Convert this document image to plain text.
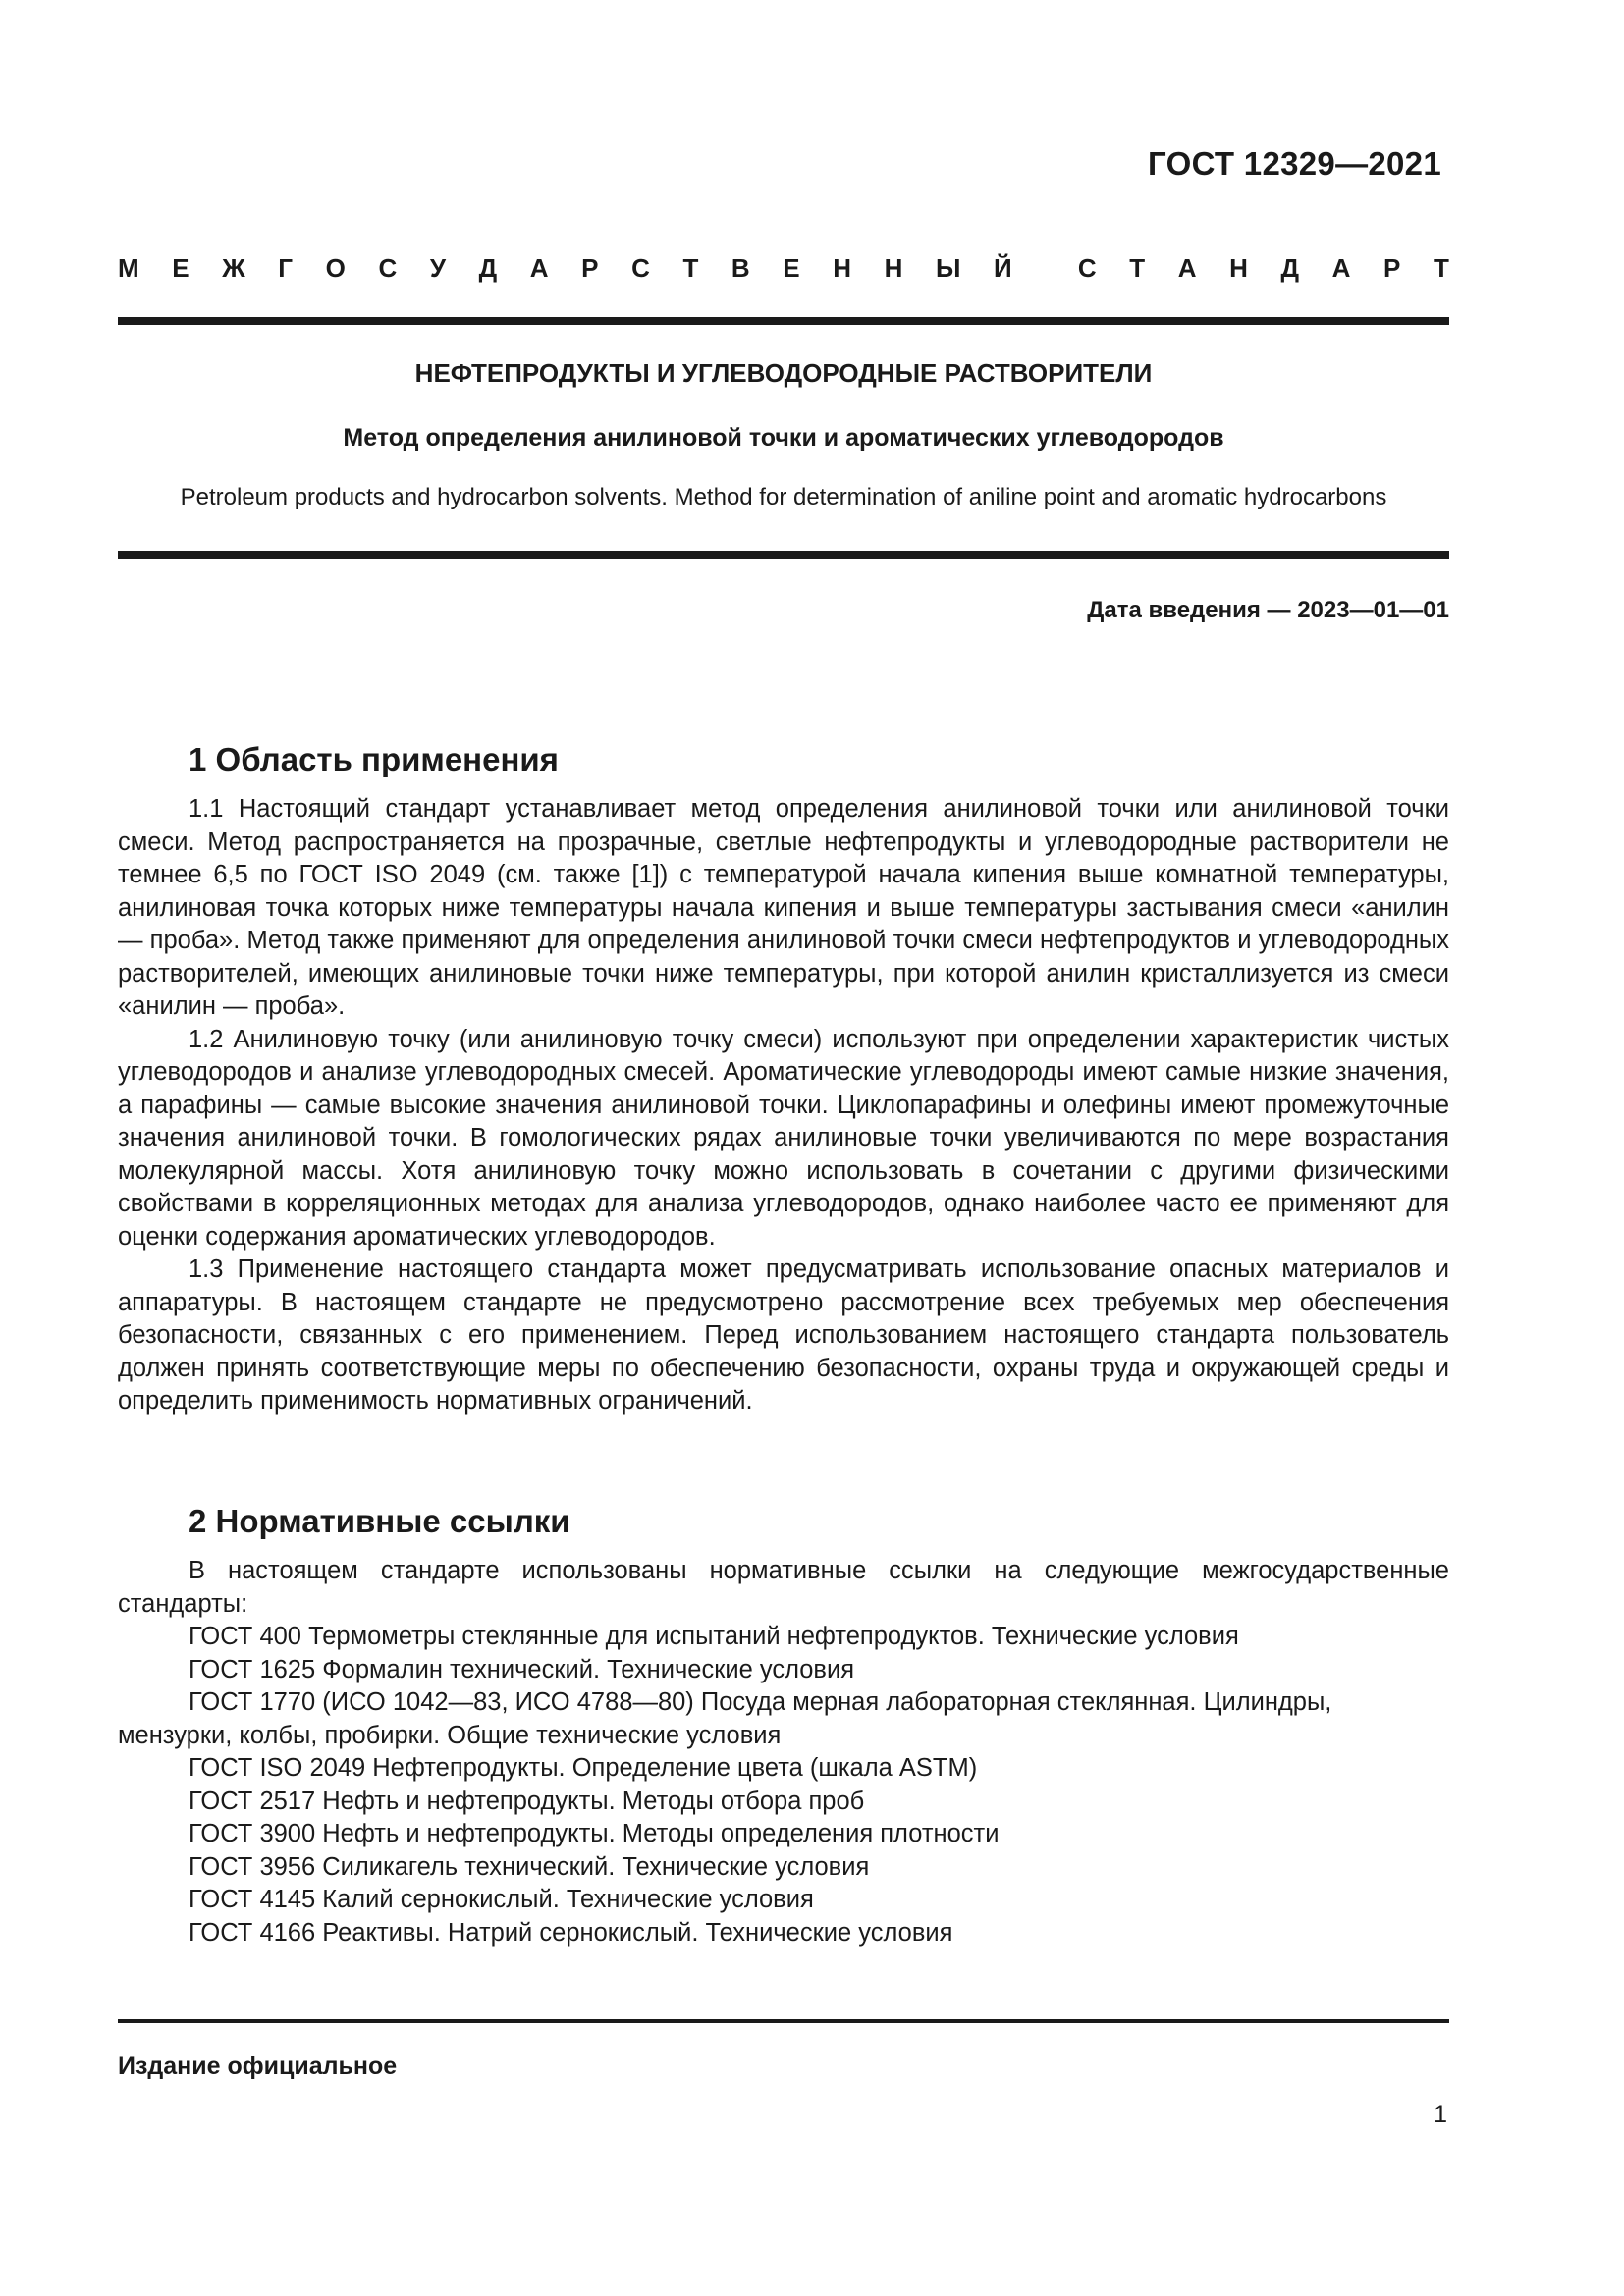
ГОСТ 12329—2021
М Е Ж Г О С У Д А Р С Т В Е Н Н Ы Й	С Т А Н Д А Р Т
НЕФТЕПРОДУКТЫ И УГЛЕВОДОРОДНЫЕ РАСТВОРИТЕЛИ
Метод определения анилиновой точки и ароматических углеводородов
Petroleum products and hydrocarbon solvents. Method for determination of aniline point and aromatic hydrocarbons
Дата введения — 2023—01—01
1 Область применения

1.1 Настоящий стандарт устанавливает метод определения анилиновой точки или анилиновой точки смеси. Метод распространяется на прозрачные, светлые нефтепродукты и углеводородные растворители не темнее 6,5 по ГОСТ ISO 2049 (см. также [1]) с температурой начала кипения выше комнатной температуры, анилиновая точка которых ниже температуры начала кипения и выше температуры застывания смеси «анилин — проба». Метод также применяют для определения анилиновой точки смеси нефтепродуктов и углеводородных растворителей, имеющих анилиновые точки ниже температуры, при которой анилин кристаллизуется из смеси «анилин — проба».

1.2 Анилиновую точку (или анилиновую точку смеси) используют при определении характеристик чистых углеводородов и анализе углеводородных смесей. Ароматические углеводороды имеют самые низкие значения, а парафины — самые высокие значения анилиновой точки. Циклопарафины и олефины имеют промежуточные значения анилиновой точки. В гомологических рядах анилиновые точки увеличиваются по мере возрастания молекулярной массы. Хотя анилиновую точку можно использовать в сочетании с другими физическими свойствами в корреляционных методах для анализа углеводородов, однако наиболее часто ее применяют для оценки содержания ароматических углеводородов.

1.3 Применение настоящего стандарта может предусматривать использование опасных материалов и аппаратуры. В настоящем стандарте не предусмотрено рассмотрение всех требуемых мер обеспечения безопасности, связанных с его применением. Перед использованием настоящего стандарта пользователь должен принять соответствующие меры по обеспечению безопасности, охраны труда и окружающей среды и определить применимость нормативных ограничений.

2 Нормативные ссылки

В настоящем стандарте использованы нормативные ссылки на следующие межгосударственные стандарты:

ГОСТ 400 Термометры стеклянные для испытаний нефтепродуктов. Технические условия
ГОСТ 1625 Формалин технический. Технические условия
ГОСТ 1770 (ИСО 1042—83, ИСО 4788—80) Посуда мерная лабораторная стеклянная. Цилиндры, мензурки, колбы, пробирки. Общие технические условия
ГОСТ ISO 2049 Нефтепродукты. Определение цвета (шкала ASTM)
ГОСТ 2517 Нефть и нефтепродукты. Методы отбора проб
ГОСТ 3900 Нефть и нефтепродукты. Методы определения плотности
ГОСТ 3956 Силикагель технический. Технические условия
ГОСТ 4145 Калий сернокислый. Технические условия
ГОСТ 4166 Реактивы. Натрий сернокислый. Технические условия
Издание официальное
1
